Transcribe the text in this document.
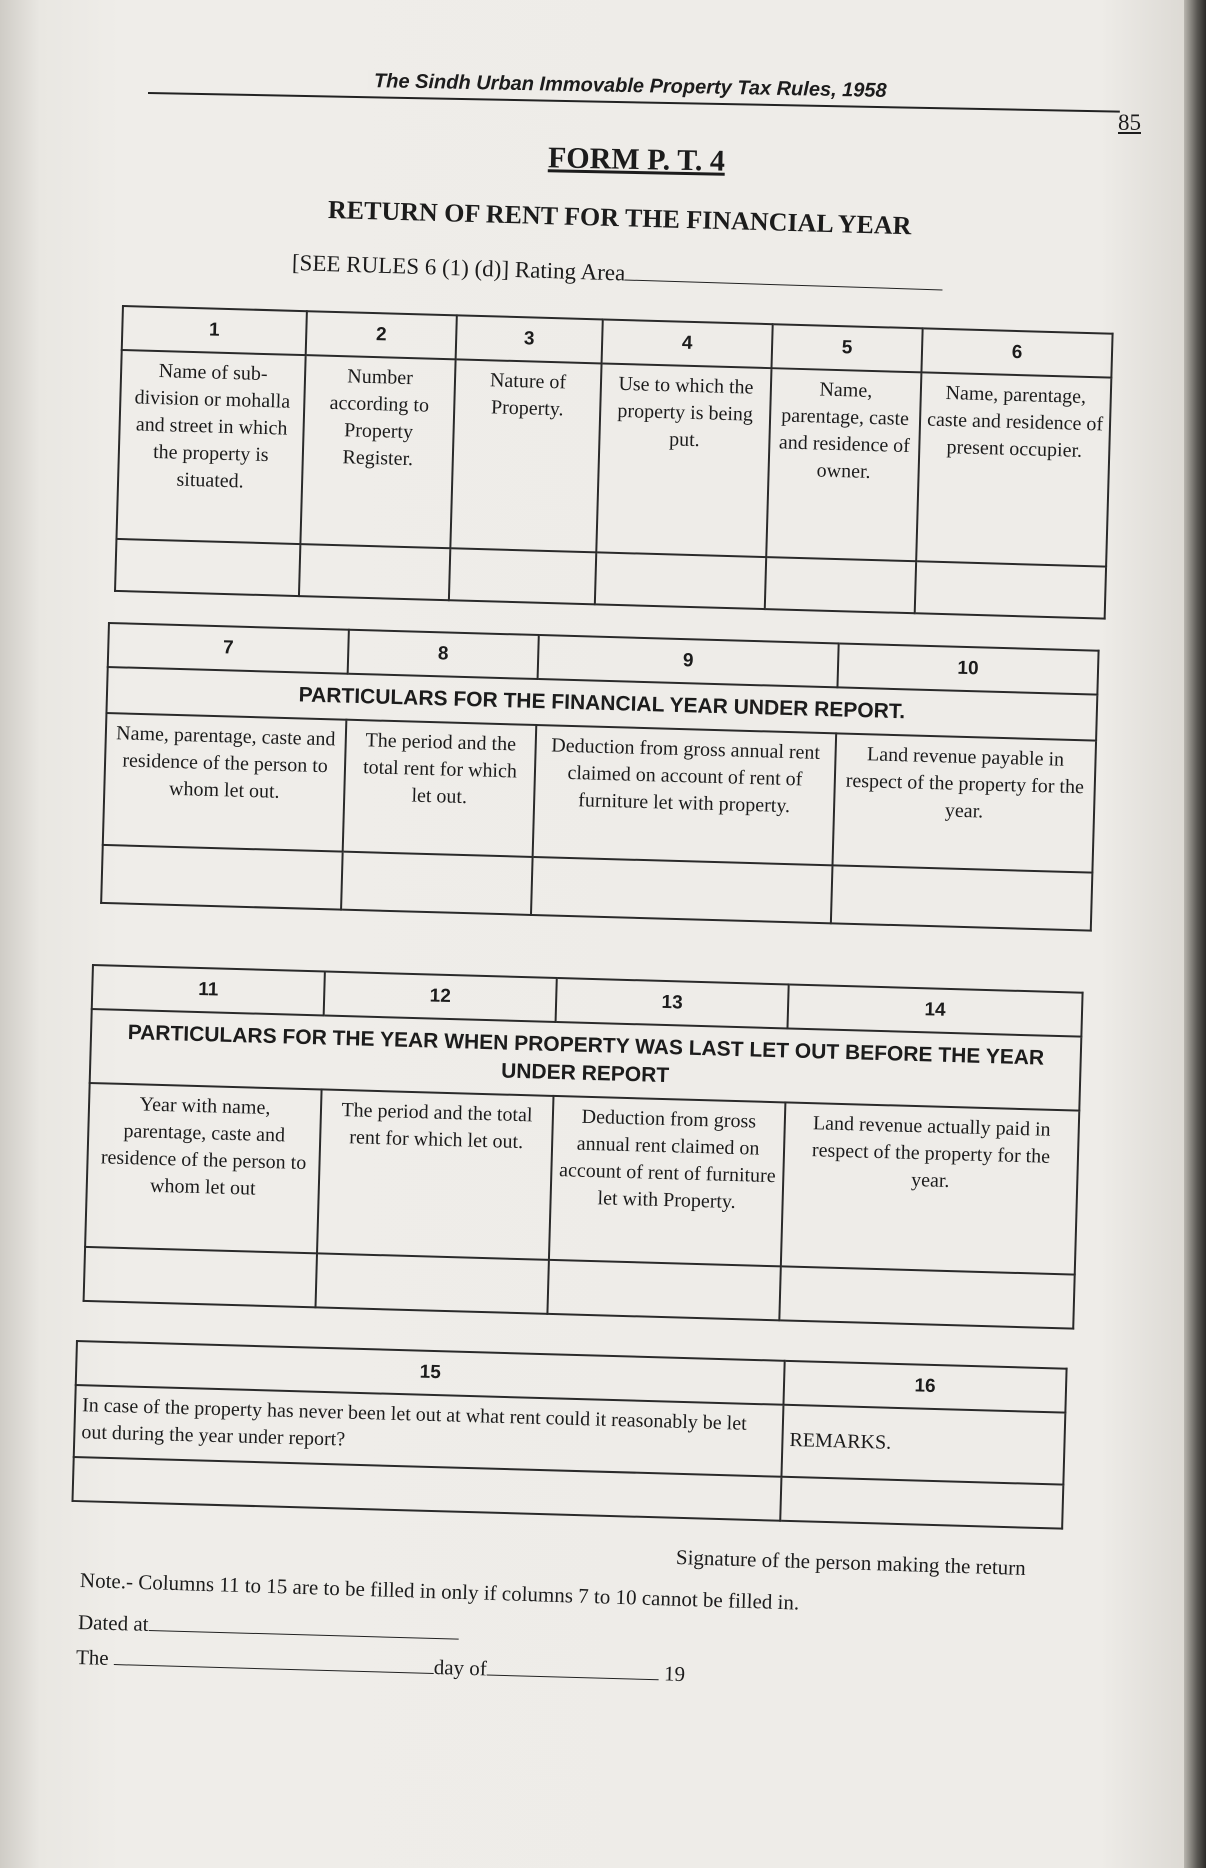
The Sindh Urban Immovable Property Tax Rules, 1958
85
FORM P. T. 4
RETURN OF RENT FOR THE FINANCIAL YEAR
[SEE RULES 6 (1) (d)] Rating Area
1	2	3	4	5	6
Name of sub-division or mohalla and street in which the property is situated.	Number according to Property Register.	Nature of Property.	Use to which the property is being put.	Name, parentage, caste and residence of owner.	Name, parentage, caste and residence of present occupier.

7	8	9	10
PARTICULARS FOR THE FINANCIAL YEAR UNDER REPORT.			
Name, parentage, caste and residence of the person to whom let out.	The period and the total rent for which let out.	Deduction from gross annual rent claimed on account of rent of furniture let with property.	Land revenue payable in respect of the property for the year.

11	12	13	14
PARTICULARS FOR THE YEAR WHEN PROPERTY WAS LAST LET OUT BEFORE THE YEAR UNDER REPORT			
Year with name, parentage, caste and residence of the person to whom let out	The period and the total rent for which let out.	Deduction from gross annual rent claimed on account of rent of furniture let with Property.	Land revenue actually paid in respect of the property for the year.

15	16
In case of the property has never been let out at what rent could it reasonably be let out during the year under report?	REMARKS.

Signature of the person making the return
Note.- Columns 11 to 15 are to be filled in only if columns 7 to 10 cannot be filled in.
Dated at
The	day of	19
